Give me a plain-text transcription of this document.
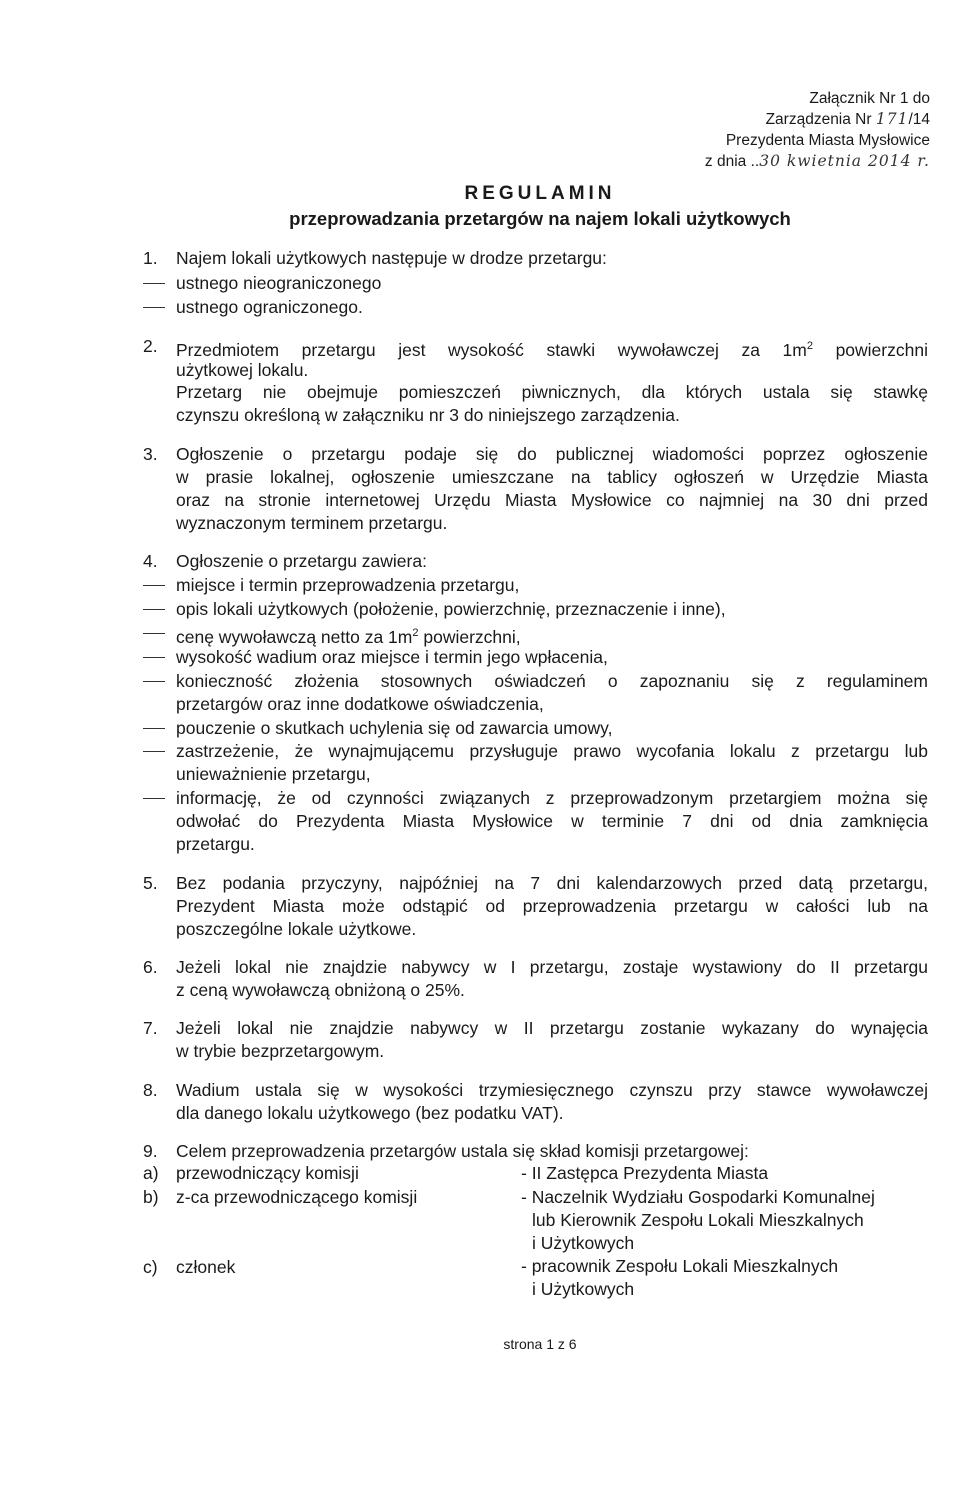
Załącznik Nr 1 do
Zarządzenia Nr 171/14
Prezydenta Miasta Mysłowice
z dnia ..30 kwietnia 2014 r.
REGULAMIN
przeprowadzania przetargów na najem lokali użytkowych
1. Najem lokali użytkowych następuje w drodze przetargu:
ustnego nieograniczonego
ustnego ograniczonego.
2. Przedmiotem przetargu jest wysokość stawki wywoławczej za $1m^2$ powierzchni
użytkowej lokalu.
Przetarg nie obejmuje pomieszczeń piwnicznych, dla których ustala się stawkę
czynszu określoną w załączniku nr 3 do niniejszego zarządzenia.
3. Ogłoszenie o przetargu podaje się do publicznej wiadomości poprzez ogłoszenie
w prasie lokalnej, ogłoszenie umieszczane na tablicy ogłoszeń w Urzędzie Miasta
oraz na stronie internetowej Urzędu Miasta Mysłowice co najmniej na 30 dni przed
wyznaczonym terminem przetargu.
4. Ogłoszenie o przetargu zawiera:
miejsce i termin przeprowadzenia przetargu,
opis lokali użytkowych (położenie, powierzchnię, przeznaczenie i inne),
cenę wywoławczą netto za $1m^2$ powierzchni,
wysokość wadium oraz miejsce i termin jego wpłacenia,
konieczność złożenia stosownych oświadczeń o zapoznaniu się z regulaminem
przetargów oraz inne dodatkowe oświadczenia,
pouczenie o skutkach uchylenia się od zawarcia umowy,
zastrzeżenie, że wynajmującemu przysługuje prawo wycofania lokalu z przetargu lub
unieważnienie przetargu,
informację, że od czynności związanych z przeprowadzonym przetargiem można się
odwołać do Prezydenta Miasta Mysłowice w terminie 7 dni od dnia zamknięcia
przetargu.
5. Bez podania przyczyny, najpóźniej na 7 dni kalendarzowych przed datą przetargu,
Prezydent Miasta może odstąpić od przeprowadzenia przetargu w całości lub na
poszczególne lokale użytkowe.
6. Jeżeli lokal nie znajdzie nabywcy w I przetargu, zostaje wystawiony do II przetargu
z ceną wywoławczą obniżoną o 25%.
7. Jeżeli lokal nie znajdzie nabywcy w II przetargu zostanie wykazany do wynajęcia
w trybie bezprzetargowym.
8. Wadium ustala się w wysokości trzymiesięcznego czynszu przy stawce wywoławczej
dla danego lokalu użytkowego (bez podatku VAT).
9. Celem przeprowadzenia przetargów ustala się skład komisji przetargowej:
a) przewodniczący komisji	- II Zastępca Prezydenta Miasta
b) z-ca przewodniczącego komisji	- Naczelnik Wydziału Gospodarki Komunalnej
lub Kierownik Zespołu Lokali Mieszkalnych
i Użytkowych
c) członek	- pracownik Zespołu Lokali Mieszkalnych
i Użytkowych
strona 1 z 6
